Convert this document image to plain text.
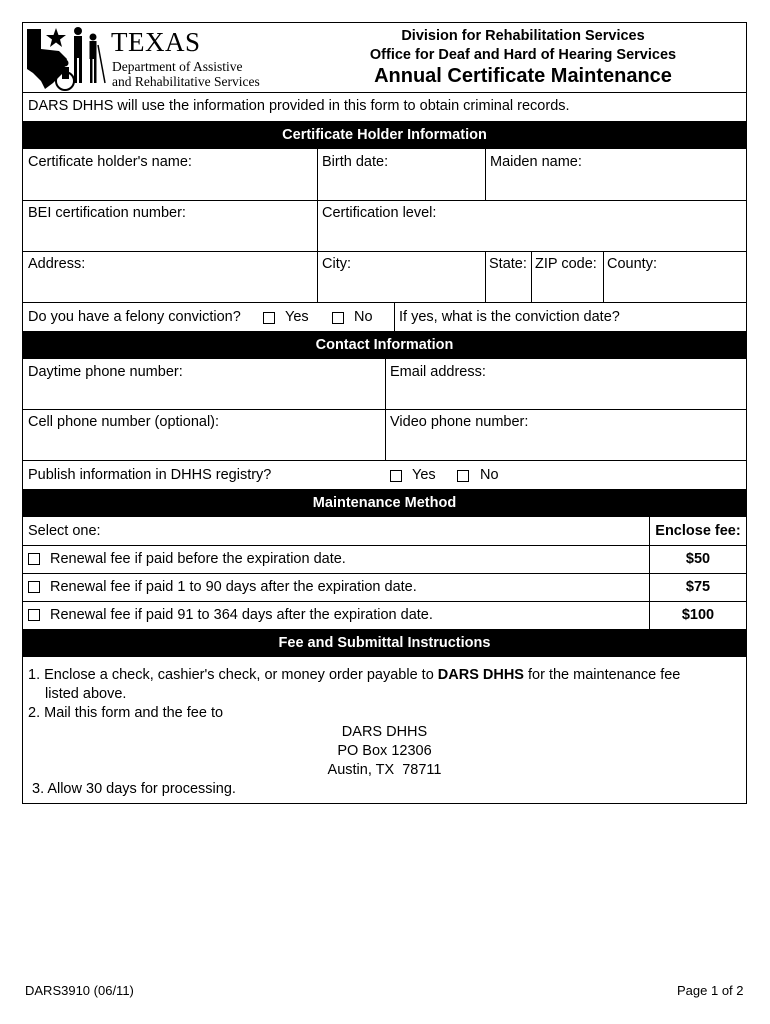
TEXAS
Department of Assistive
and Rehabilitative Services
Division for Rehabilitation Services
Office for Deaf and Hard of Hearing Services
Annual Certificate Maintenance
DARS DHHS will use the information provided in this form to obtain criminal records.
Certificate Holder Information
Certificate holder's name:	Birth date:	Maiden name:
BEI certification number:	Certification level:
Address:	City:	State: ZIP code: County:
Do you have a felony conviction?	Yes	No If yes, what is the conviction date?
Contact Information
Daytime phone number:	Email address:
Cell phone number (optional):	Video phone number:
Publish information in DHHS registry?	Yes	No
Maintenance Method
Select one:	Enclose fee:
Renewal fee if paid before the expiration date.	$50
Renewal fee if paid 1 to 90 days after the expiration date.	$75
Renewal fee if paid 91 to 364 days after the expiration date.	$100
Fee and Submittal Instructions
1. Enclose a check, cashier's check, or money order payable to DARS DHHS for the maintenance fee
listed above.
2. Mail this form and the fee to
DARS DHHS
PO Box 12306
Austin, TX  78711
3. Allow 30 days for processing.
DARS3910 (06/11)	Page 1 of 2
